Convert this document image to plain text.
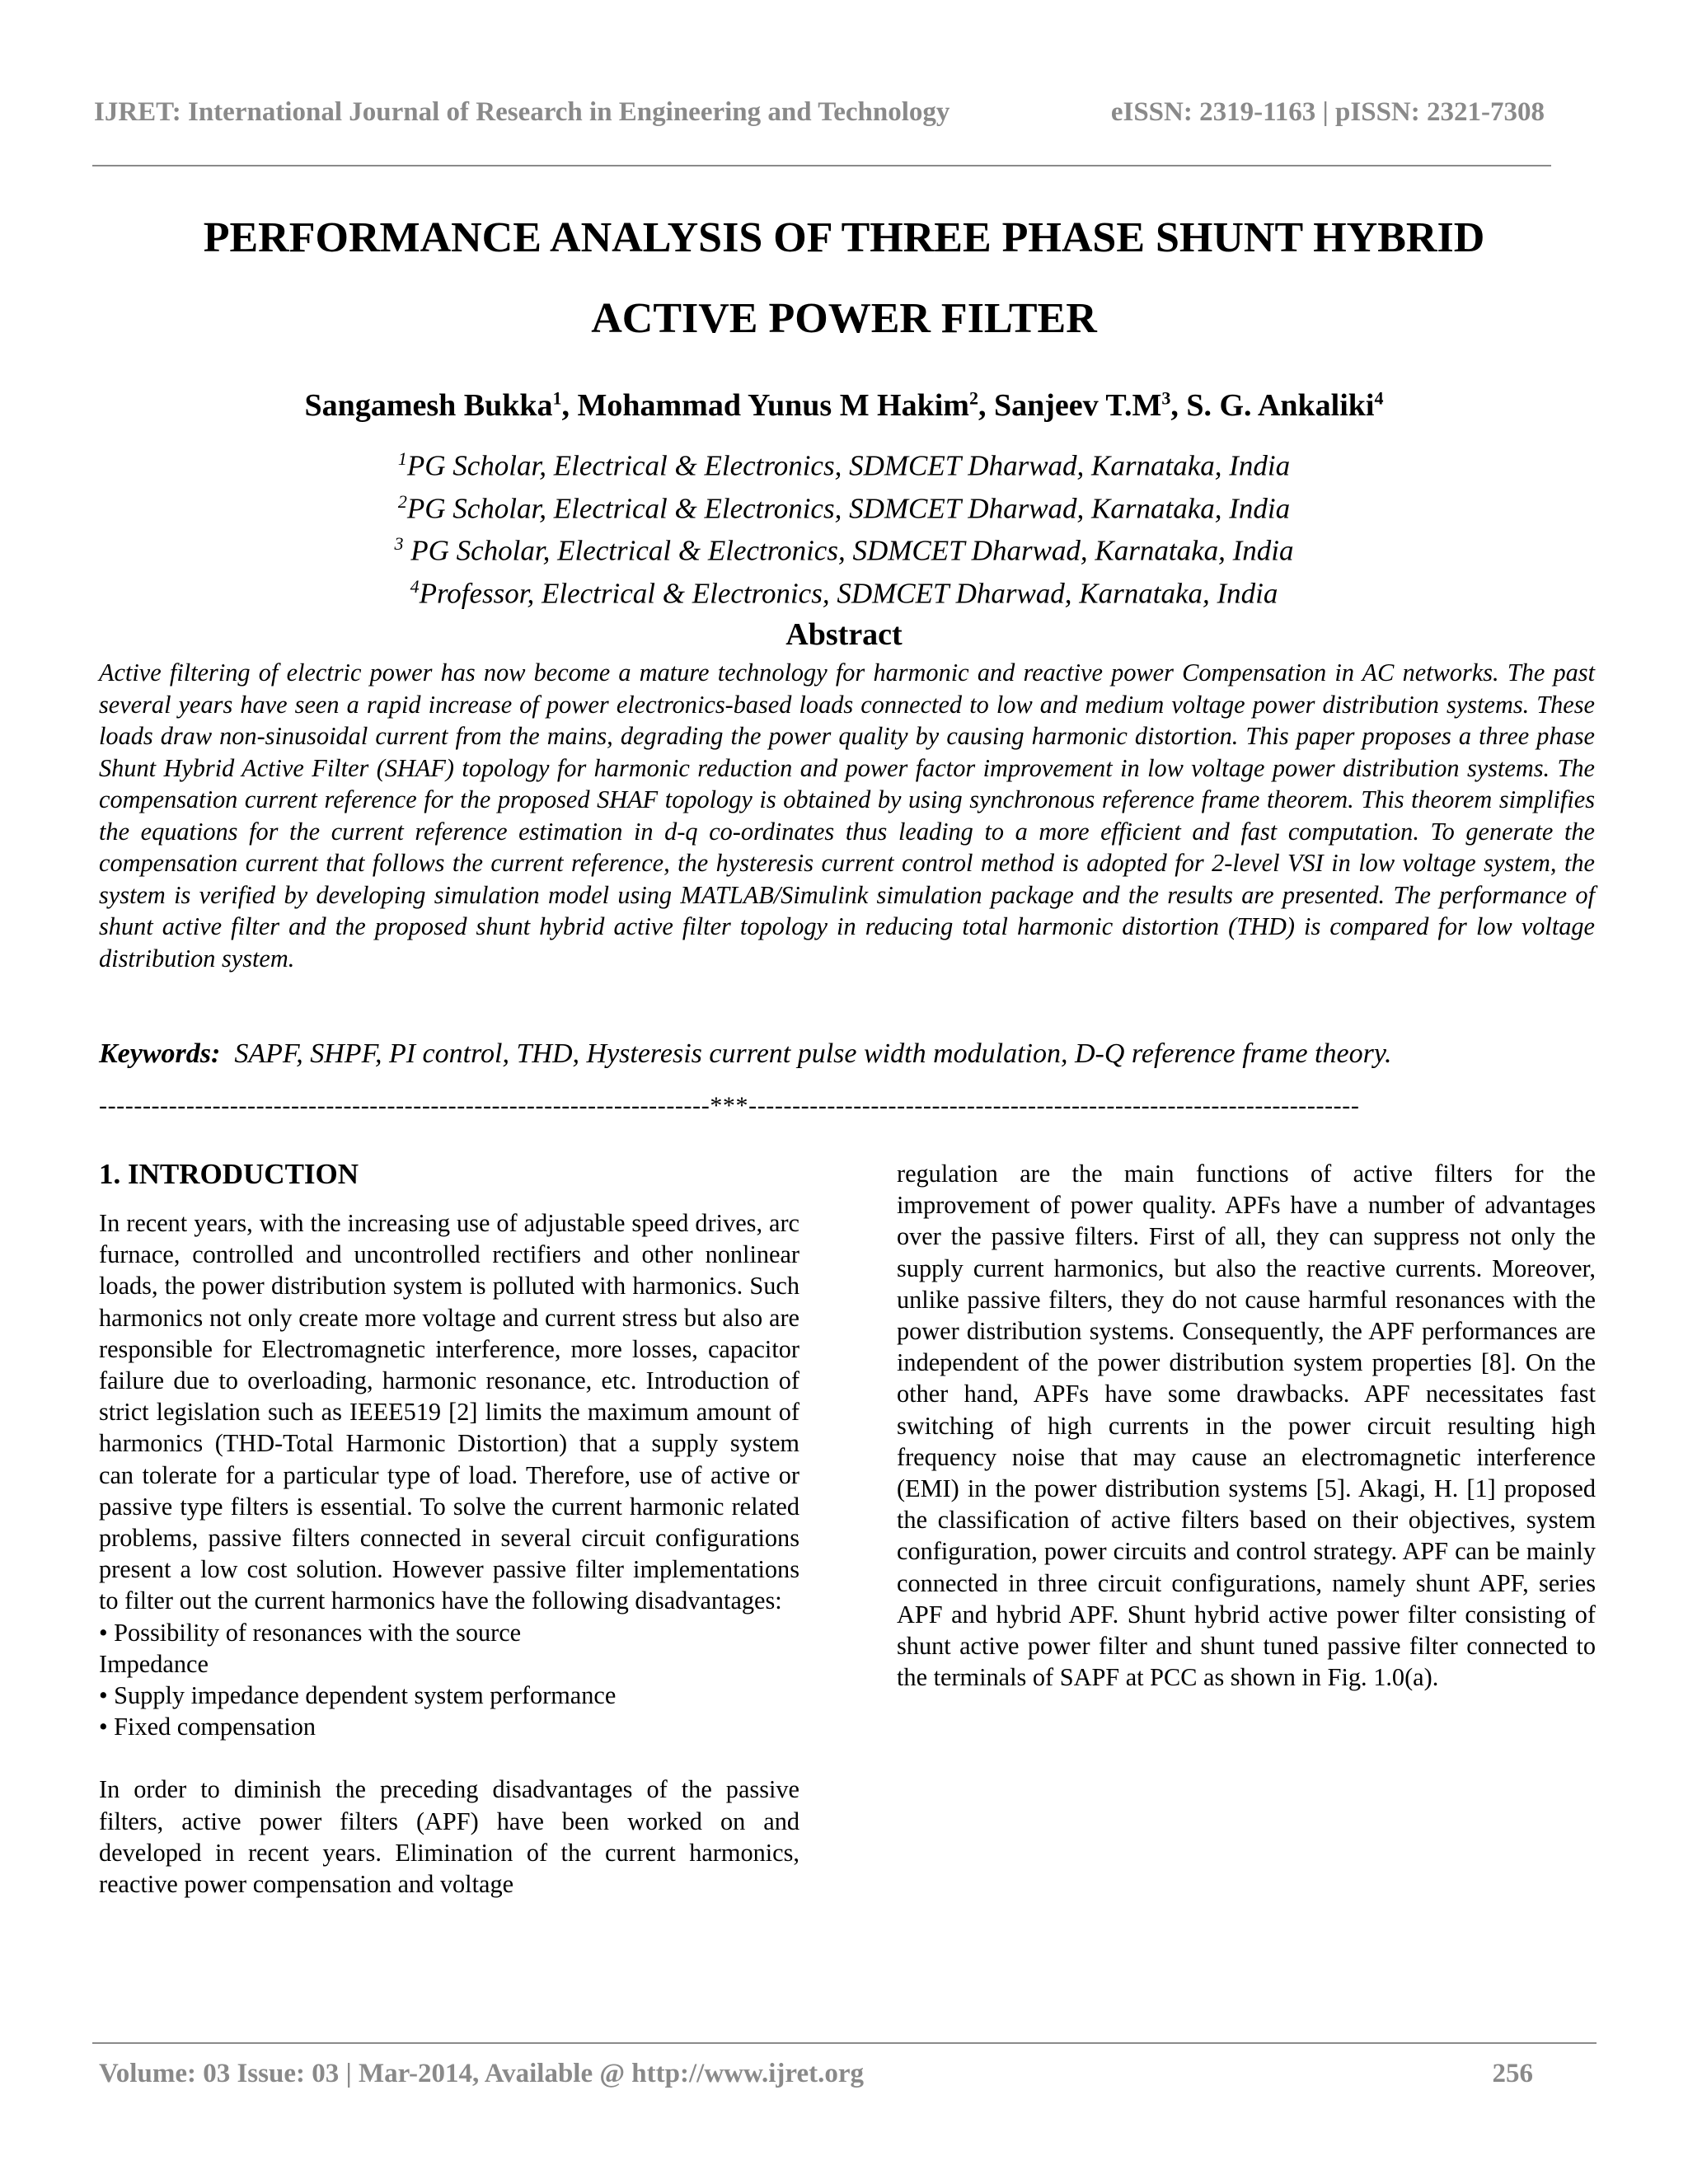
IJRET: International Journal of Research in Engineering and Technology	eISSN: 2319-1163 | pISSN: 2321-7308
PERFORMANCE ANALYSIS OF THREE PHASE SHUNT HYBRID
ACTIVE POWER FILTER
Sangamesh Bukka$^1$, Mohammad Yunus M Hakim$^2$, Sanjeev $T.M^3$, S. G. Ankaliki$^4$
$^1$PG Scholar, Electrical & Electronics, SDMCET Dharwad, Karnataka, India
$^2$PG Scholar, Electrical & Electronics, SDMCET Dharwad, Karnataka, India
$^3$ PG Scholar, Electrical & Electronics, SDMCET Dharwad, Karnataka, India
$^4$Professor, Electrical & Electronics, SDMCET Dharwad, Karnataka, India
Abstract
Active filtering of electric power has now become a mature technology for harmonic and reactive power Compensation in AC networks. The past several years have seen a rapid increase of power electronics-based loads connected to low and medium voltage power distribution systems. These loads draw non-sinusoidal current from the mains, degrading the power quality by causing harmonic distortion. This paper proposes a three phase Shunt Hybrid Active Filter (SHAF) topology for harmonic reduction and power factor improvement in low voltage power distribution systems. The compensation current reference for the proposed SHAF topology is obtained by using synchronous reference frame theorem. This theorem simplifies the equations for the current reference estimation in d-q co-ordinates thus leading to a more efficient and fast computation. To generate the compensation current that follows the current reference, the hysteresis current control method is adopted for 2-level VSI in low voltage system, the system is verified by developing simulation model using MATLAB/Simulink simulation package and the results are presented. The performance of shunt active filter and the proposed shunt hybrid active filter topology in reducing total harmonic distortion (THD) is compared for low voltage distribution system.
Keywords:  SAPF, SHPF, PI control, THD, Hysteresis current pulse width modulation, D-Q reference frame theory.
----------------------------------------------------------------------***----------------------------------------------------------------------
1. INTRODUCTION

In recent years, with the increasing use of adjustable speed drives, arc furnace, controlled and uncontrolled rectifiers and other nonlinear loads, the power distribution system is polluted with harmonics. Such harmonics not only create more voltage and current stress but also are responsible for Electromagnetic interference, more losses, capacitor failure due to overloading, harmonic resonance, etc. Introduction of strict legislation such as IEEE519 [2] limits the maximum amount of harmonics (THD-Total Harmonic Distortion) that a supply system can tolerate for a particular type of load. Therefore, use of active or passive type filters is essential. To solve the current harmonic related problems, passive filters connected in several circuit configurations present a low cost solution. However passive filter implementations to filter out the current harmonics have the following disadvantages:

• Possibility of resonances with the source
Impedance
• Supply impedance dependent system performance
• Fixed compensation

In order to diminish the preceding disadvantages of the passive filters, active power filters (APF) have been worked on and developed in recent years. Elimination of the current harmonics, reactive power compensation and voltage

regulation are the main functions of active filters for the improvement of power quality. APFs have a number of advantages over the passive filters. First of all, they can suppress not only the supply current harmonics, but also the reactive currents. Moreover, unlike passive filters, they do not cause harmful resonances with the power distribution systems. Consequently, the APF performances are independent of the power distribution system properties [8]. On the other hand, APFs have some drawbacks. APF necessitates fast switching of high currents in the power circuit resulting high frequency noise that may cause an electromagnetic interference (EMI) in the power distribution systems [5]. Akagi, H. [1] proposed the classification of active filters based on their objectives, system configuration, power circuits and control strategy. APF can be mainly connected in three circuit configurations, namely shunt APF, series APF and hybrid APF. Shunt hybrid active power filter consisting of shunt active power filter and shunt tuned passive filter connected to the terminals of SAPF at PCC as shown in Fig. 1.0(a).

Volume: 03 Issue: 03 | Mar-2014, Available @ http://www.ijret.org	256
